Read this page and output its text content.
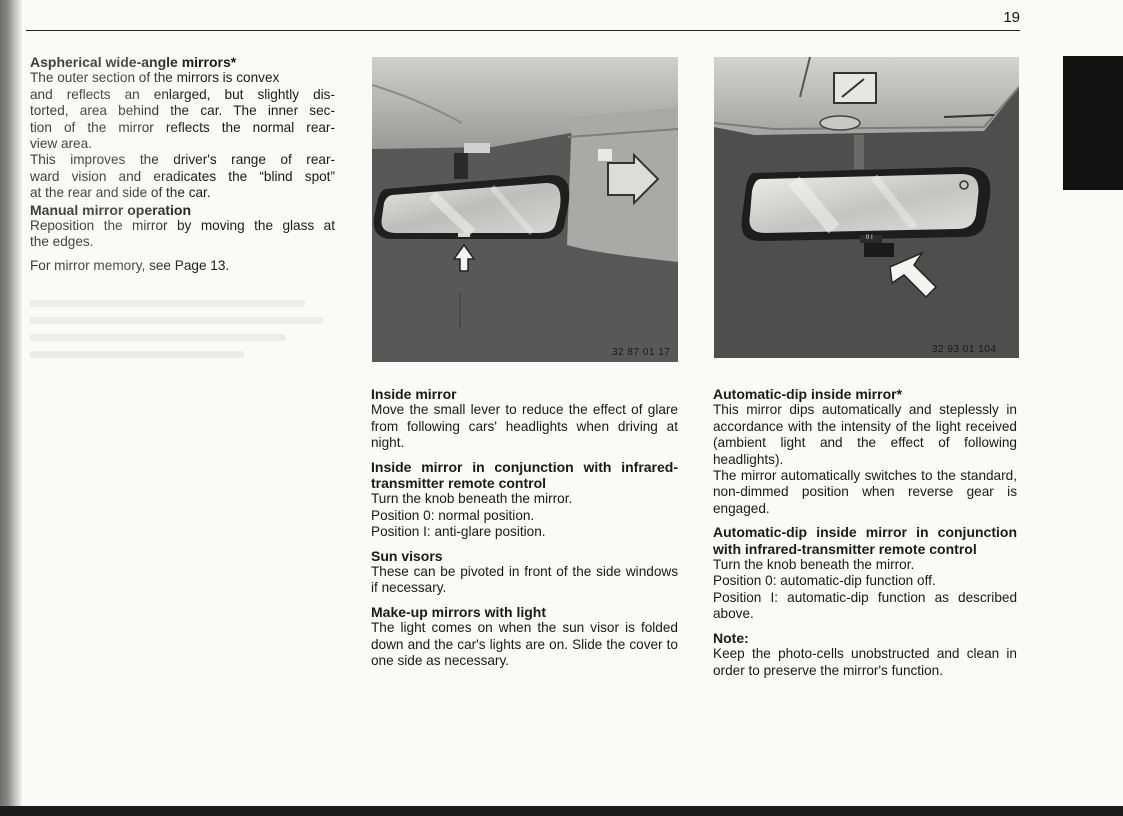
19
Aspherical wide-angle mirrors*

The outer section of the mirrors is convex

and reflects an enlarged, but slightly dis-

torted, area behind the car. The inner sec-

tion of the mirror reflects the normal rear-

view area.

This improves the driver's range of rear-

ward vision and eradicates the “blind spot”

at the rear and side of the car.

Manual mirror operation

Reposition the mirror by moving the glass at

the edges.

For mirror memory, see Page 13.

32 87 01 17
0 I
32 93 01 104
Inside mirror

Move the small lever to reduce the effect of glare from following cars' headlights when driving at night.

Inside mirror in conjunction with infrared-transmitter remote control

Turn the knob beneath the mirror.

Position 0: normal position.

Position I: anti-glare position.

Sun visors

These can be pivoted in front of the side windows if necessary.

Make-up mirrors with light

The light comes on when the sun visor is folded down and the car's lights are on. Slide the cover to one side as necessary.

Automatic-dip inside mirror*

This mirror dips automatically and steplessly in accordance with the intensity of the light received (ambient light and the effect of following headlights).

The mirror automatically switches to the standard, non-dimmed position when reverse gear is engaged.

Automatic-dip inside mirror in conjunction with infrared-transmitter remote control

Turn the knob beneath the mirror.

Position 0: automatic-dip function off.

Position I: automatic-dip function as described above.

Note:

Keep the photo-cells unobstructed and clean in order to preserve the mirror's function.
